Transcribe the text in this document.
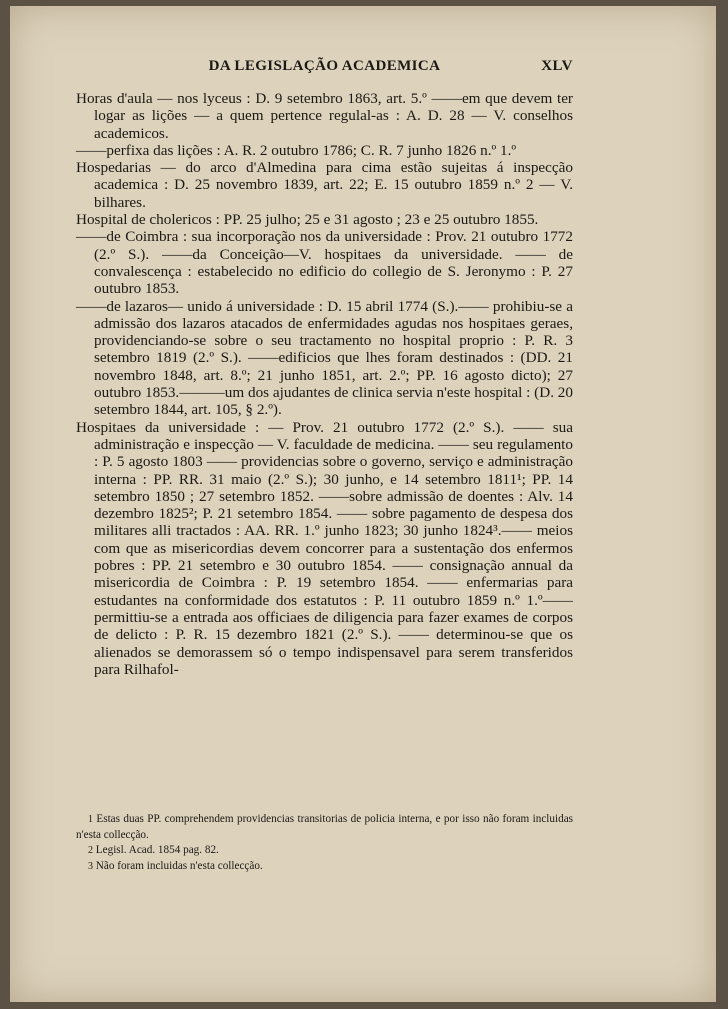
DA LEGISLAÇÃO ACADEMICA	XLV

Horas d'aula — nos lyceus : D. 9 setembro 1863, art. 5.º ——em que devem ter logar as lições — a quem pertence regulal-as : A. D. 28 — V. conselhos academicos.

——perfixa das lições : A. R. 2 outubro 1786; C. R. 7 junho 1826 n.º 1.º

Hospedarias — do arco d'Almedina para cima estão sujeitas á inspecção academica : D. 25 novembro 1839, art. 22; E. 15 outubro 1859 n.º 2 — V. bilhares.

Hospital de cholericos : PP. 25 julho; 25 e 31 agosto ; 23 e 25 outubro 1855.

——de Coimbra : sua incorporação nos da universidade : Prov. 21 outubro 1772 (2.º S.). ——da Conceição—V. hospitaes da universidade. —— de convalescença : estabelecido no edificio do collegio de S. Jeronymo : P. 27 outubro 1853.

——de lazaros— unido á universidade : D. 15 abril 1774 (S.).—— prohibiu-se a admissão dos lazaros atacados de enfermidades agudas nos hospitaes geraes, providenciando-se sobre o seu tractamento no hospital proprio : P. R. 3 setembro 1819 (2.º S.). ——edificios que lhes foram destinados : (DD. 21 novembro 1848, art. 8.º; 21 junho 1851, art. 2.º; PP. 16 agosto dicto); 27 outubro 1853.———um dos ajudantes de clinica servia n'este hospital : (D. 20 setembro 1844, art. 105, § 2.º).

Hospitaes da universidade : — Prov. 21 outubro 1772 (2.º S.). —— sua administração e inspecção — V. faculdade de medicina. —— seu regulamento : P. 5 agosto 1803 —— providencias sobre o governo, serviço e administração interna : PP. RR. 31 maio (2.º S.); 30 junho, e 14 setembro 1811¹; PP. 14 setembro 1850 ; 27 setembro 1852. ——sobre admissão de doentes : Alv. 14 dezembro 1825²; P. 21 setembro 1854. —— sobre pagamento de despesa dos militares alli tractados : AA. RR. 1.º junho 1823; 30 junho 1824³.—— meios com que as misericordias devem concorrer para a sustentação dos enfermos pobres : PP. 21 setembro e 30 outubro 1854. —— consignação annual da misericordia de Coimbra : P. 19 setembro 1854. —— enfermarias para estudantes na conformidade dos estatutos : P. 11 outubro 1859 n.º 1.º——permittiu-se a entrada aos officiaes de diligencia para fazer exames de corpos de delicto : P. R. 15 dezembro 1821 (2.º S.). —— determinou-se que os alienados se demorassem só o tempo indispensavel para serem transferidos para Rilhafol-

1 Estas duas PP. comprehendem providencias transitorias de policia interna, e por isso não foram incluidas n'esta collecção.

2 Legisl. Acad. 1854 pag. 82.

3 Não foram incluidas n'esta collecção.
